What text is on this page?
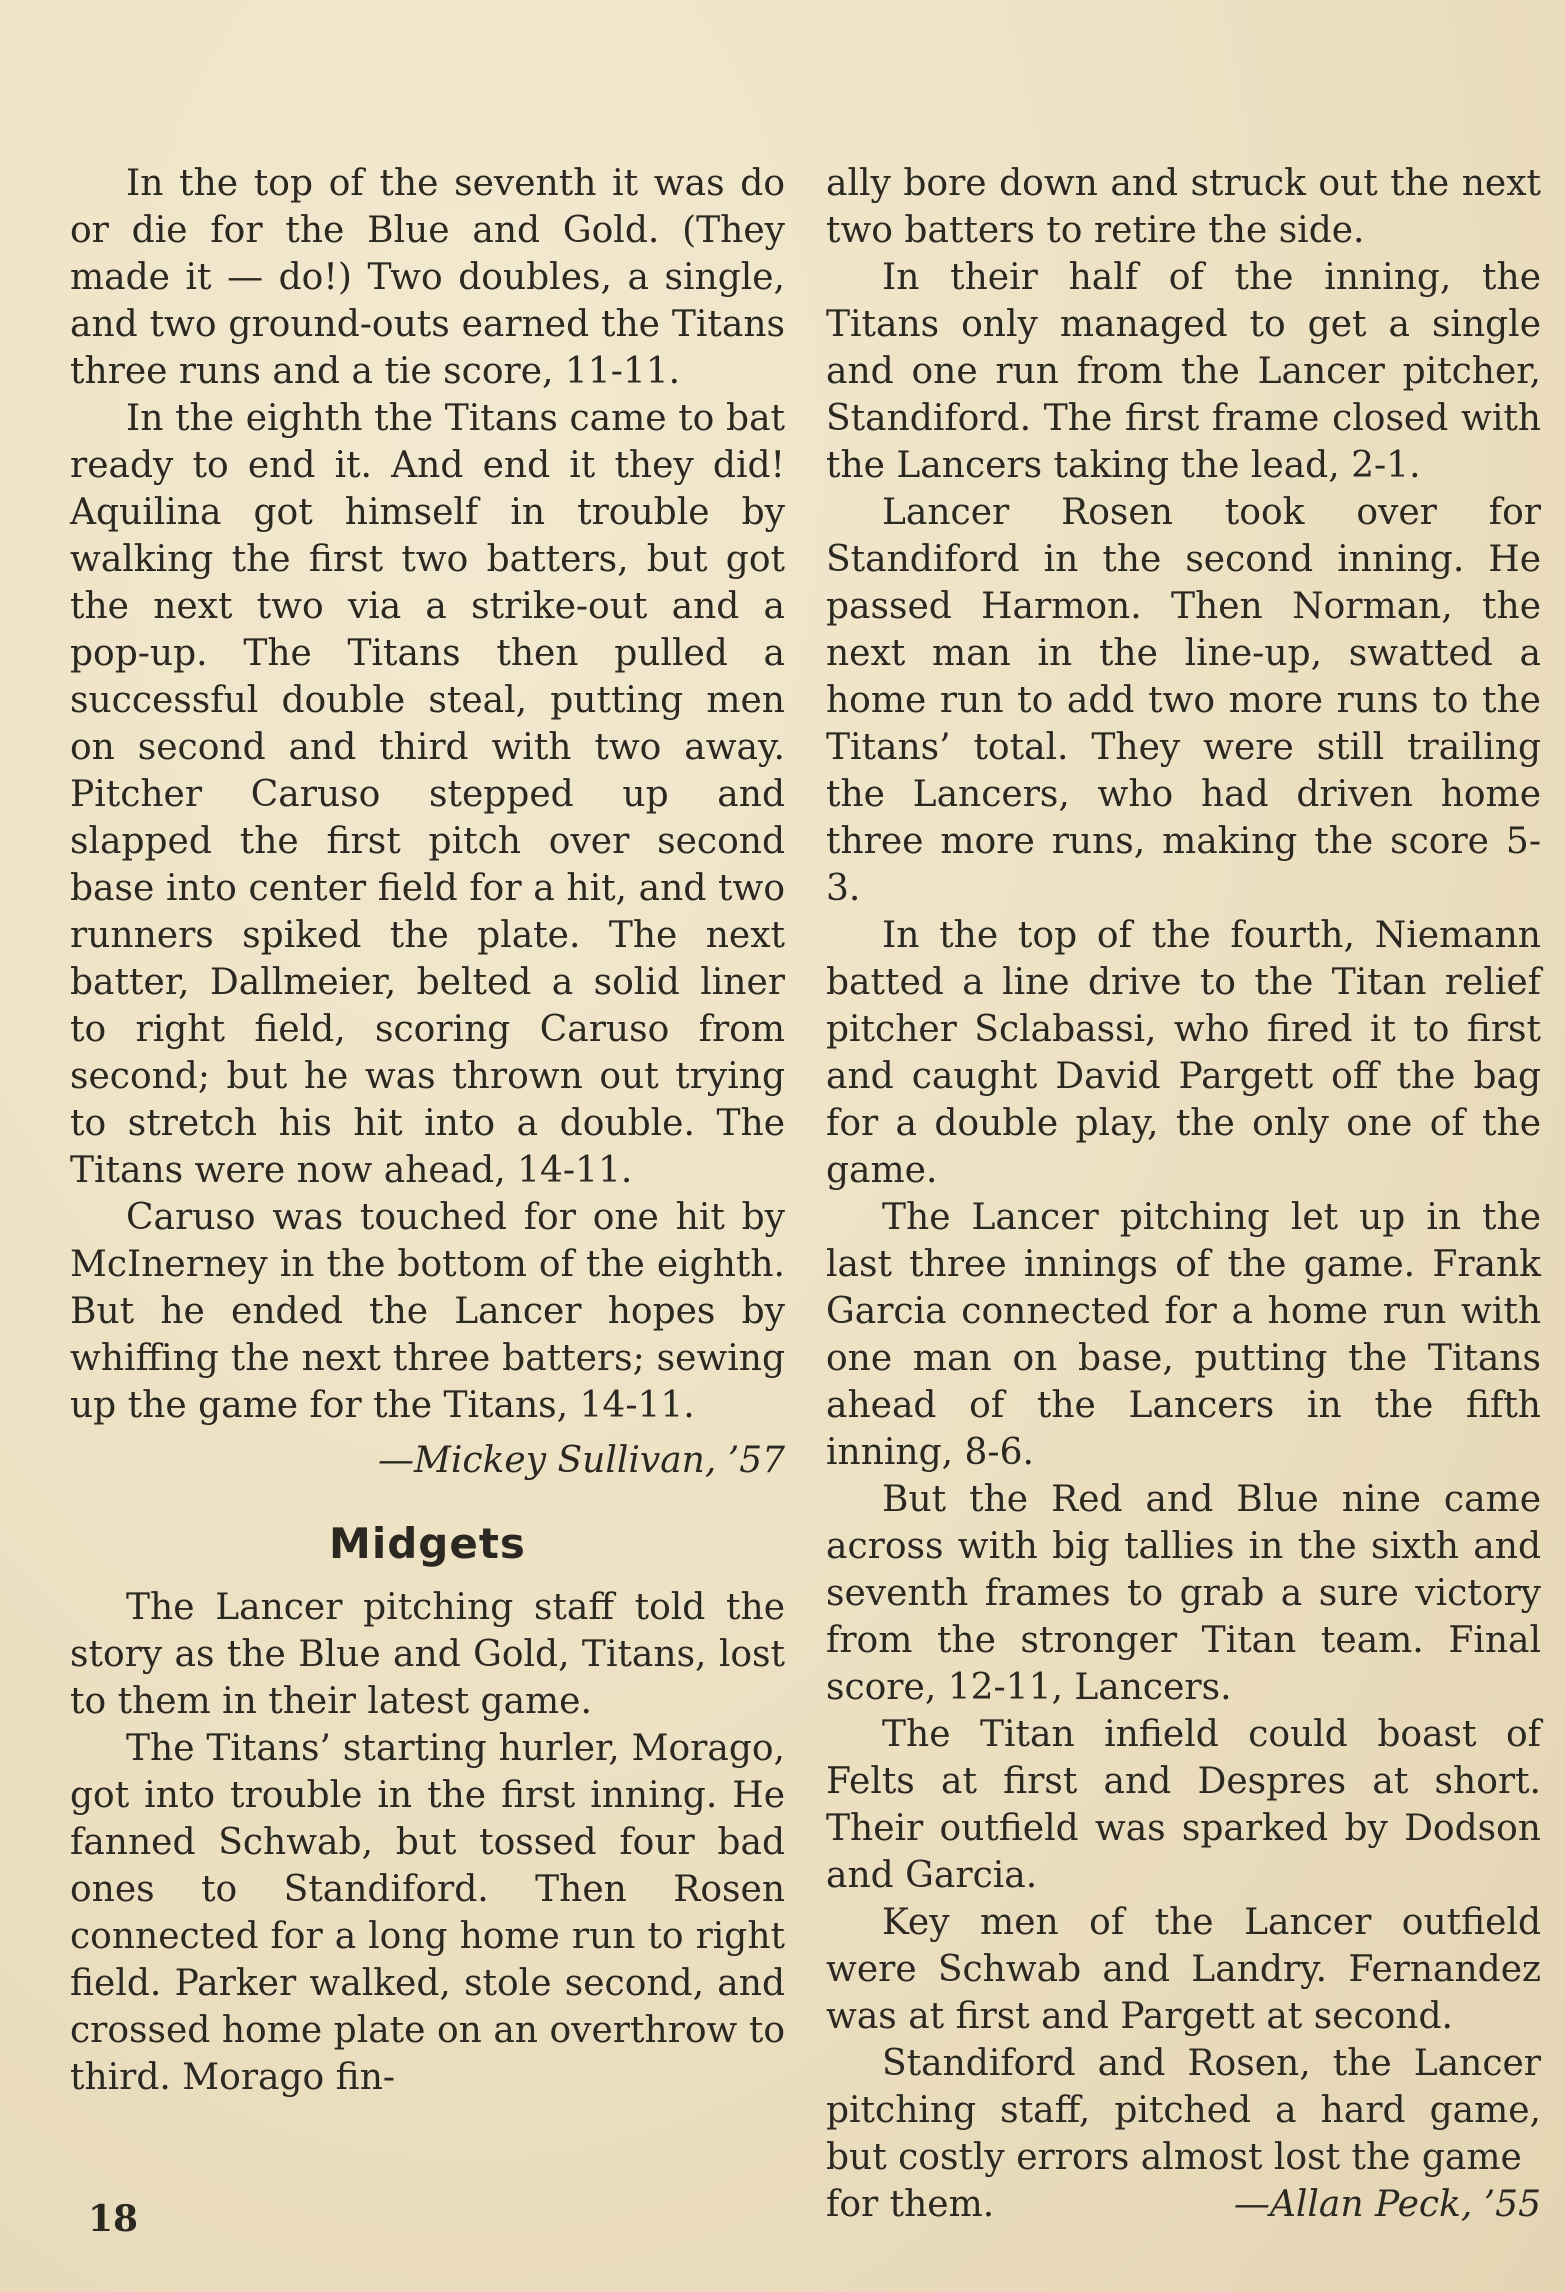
In the top of the seventh it was do or die for the Blue and Gold. (They made it — do!) Two doubles, a single, and two ground-outs earned the Titans three runs and a tie score, 11-11.

In the eighth the Titans came to bat ready to end it. And end it they did! Aquilina got himself in trouble by walking the first two batters, but got the next two via a strike-out and a pop-up. The Titans then pulled a successful double steal, putting men on second and third with two away. Pitcher Caruso stepped up and slapped the first pitch over second base into center field for a hit, and two runners spiked the plate. The next batter, Dallmeier, belted a solid liner to right field, scoring Caruso from second; but he was thrown out trying to stretch his hit into a double. The Titans were now ahead, 14-11.

Caruso was touched for one hit by McInerney in the bottom of the eighth. But he ended the Lancer hopes by whiffing the next three batters; sewing up the game for the Titans, 14-11.

—Mickey Sullivan, ’57
Midgets

The Lancer pitching staff told the story as the Blue and Gold, Titans, lost to them in their latest game.

The Titans’ starting hurler, Morago, got into trouble in the first inning. He fanned Schwab, but tossed four bad ones to Standiford. Then Rosen connected for a long home run to right field. Parker walked, stole second, and crossed home plate on an overthrow to third. Morago fin-

ally bore down and struck out the next two batters to retire the side.

In their half of the inning, the Titans only managed to get a single and one run from the Lancer pitcher, Standiford. The first frame closed with the Lancers taking the lead, 2-1.

Lancer Rosen took over for Standiford in the second inning. He passed Harmon. Then Norman, the next man in the line-up, swatted a home run to add two more runs to the Titans’ total. They were still trailing the Lancers, who had driven home three more runs, making the score 5-3.

In the top of the fourth, Niemann batted a line drive to the Titan relief pitcher Sclabassi, who fired it to first and caught David Pargett off the bag for a double play, the only one of the game.

The Lancer pitching let up in the last three innings of the game. Frank Garcia connected for a home run with one man on base, putting the Titans ahead of the Lancers in the fifth inning, 8-6.

But the Red and Blue nine came across with big tallies in the sixth and seventh frames to grab a sure victory from the stronger Titan team. Final score, 12-11, Lancers.

The Titan infield could boast of Felts at first and Despres at short. Their outfield was sparked by Dodson and Garcia.

Key men of the Lancer outfield were Schwab and Landry. Fernandez was at first and Pargett at second.

Standiford and Rosen, the Lancer pitching staff, pitched a hard game, but costly errors almost lost the game

for them.	—Allan Peck, ’55
18
